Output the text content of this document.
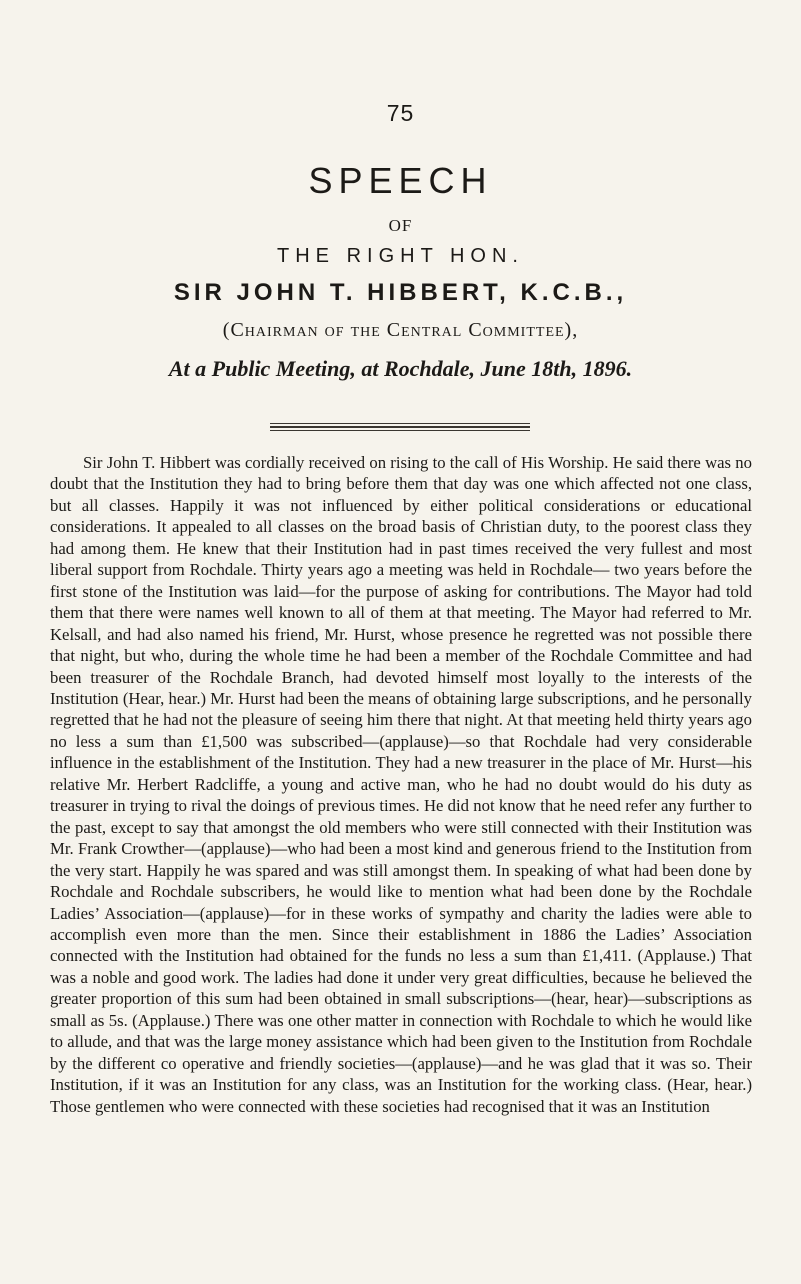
75
SPEECH
OF
THE RIGHT HON.
SIR JOHN T. HIBBERT, K.C.B.,
(Chairman of the Central Committee),
At a Public Meeting, at Rochdale, June 18th, 1896.

Sir John T. Hibbert was cordially received on rising to the call of His Worship. He said there was no doubt that the Institution they had to bring before them that day was one which affected not one class, but all classes. Happily it was not influenced by either political considerations or educational considerations. It appealed to all classes on the broad basis of Christian duty, to the poorest class they had among them. He knew that their Institution had in past times received the very fullest and most liberal support from Rochdale. Thirty years ago a meeting was held in Rochdale— two years before the first stone of the Institution was laid—for the purpose of asking for contributions. The Mayor had told them that there were names well known to all of them at that meeting. The Mayor had referred to Mr. Kelsall, and had also named his friend, Mr. Hurst, whose presence he regretted was not possible there that night, but who, during the whole time he had been a member of the Rochdale Committee and had been treasurer of the Rochdale Branch, had devoted himself most loyally to the interests of the Institution (Hear, hear.) Mr. Hurst had been the means of obtaining large subscriptions, and he personally regretted that he had not the pleasure of seeing him there that night. At that meeting held thirty years ago no less a sum than £1,500 was subscribed—(applause)—so that Rochdale had very considerable influence in the establishment of the Institution. They had a new treasurer in the place of Mr. Hurst—his relative Mr. Herbert Radcliffe, a young and active man, who he had no doubt would do his duty as treasurer in trying to rival the doings of previous times. He did not know that he need refer any further to the past, except to say that amongst the old members who were still connected with their Institution was Mr. Frank Crowther—(applause)—who had been a most kind and generous friend to the Institution from the very start. Happily he was spared and was still amongst them. In speaking of what had been done by Rochdale and Rochdale subscribers, he would like to mention what had been done by the Rochdale Ladies’ Association—(applause)—for in these works of sympathy and charity the ladies were able to accomplish even more than the men. Since their establishment in 1886 the Ladies’ Association connected with the Institution had obtained for the funds no less a sum than £1,411. (Applause.) That was a noble and good work. The ladies had done it under very great difficulties, because he believed the greater proportion of this sum had been obtained in small subscriptions—(hear, hear)—subscriptions as small as 5s. (Applause.) There was one other matter in connection with Rochdale to which he would like to allude, and that was the large money assistance which had been given to the Institution from Rochdale by the different co operative and friendly societies—(applause)—and he was glad that it was so. Their Institution, if it was an Institution for any class, was an Institution for the working class. (Hear, hear.) Those gentlemen who were connected with these societies had recognised that it was an Institution
